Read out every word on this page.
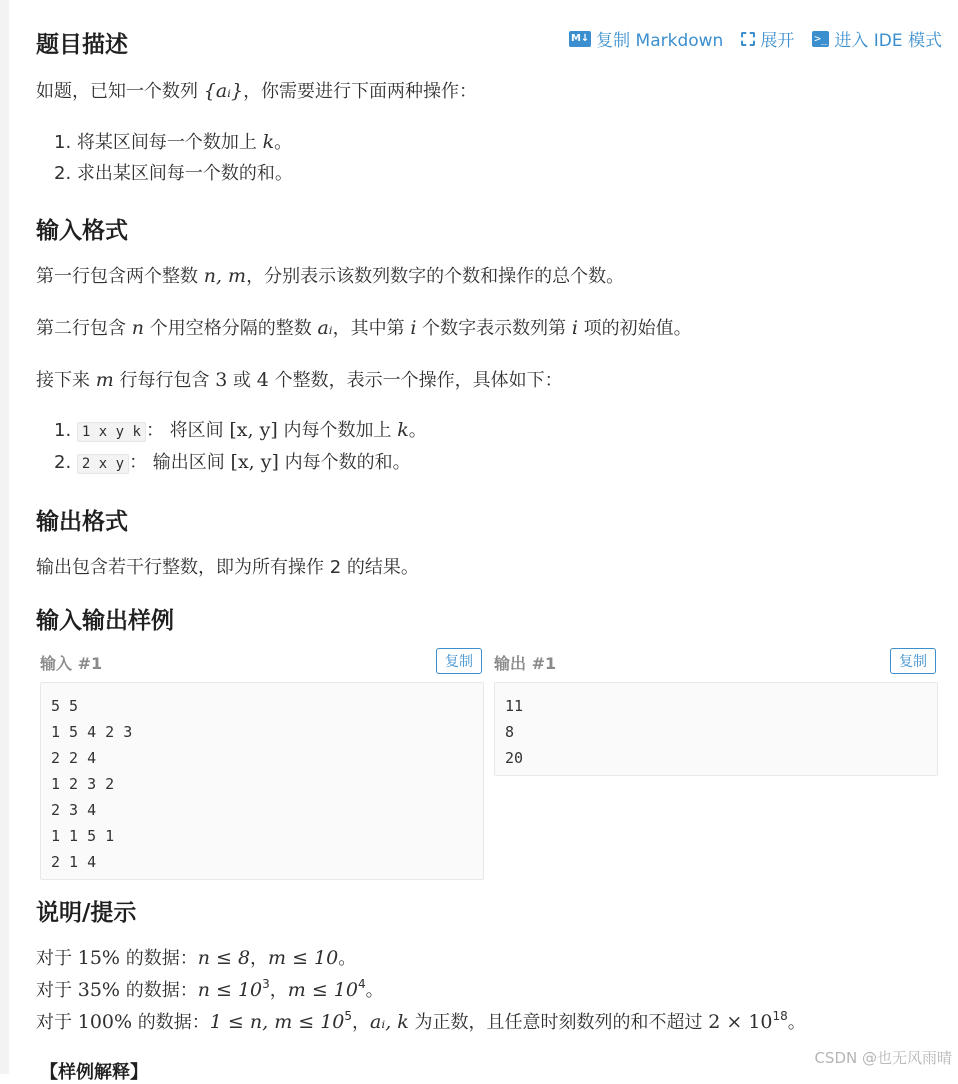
题目描述	M↓ 复制 Markdown 展开 >_ 进入 IDE 模式

如题，已知一个数列 {aᵢ}，你需要进行下面两种操作：

1. 将某区间每一个数加上 k。
2. 求出某区间每一个数的和。
输入格式

第一行包含两个整数 n, m，分别表示该数列数字的个数和操作的总个数。

第二行包含 n 个用空格分隔的整数 aᵢ，其中第 i 个数字表示数列第 i 项的初始值。

接下来 m 行每行包含 3 或 4 个整数，表示一个操作，具体如下：

1. 1 x y k ： 将区间 [x, y] 内每个数加上 k。
2. 2 x y ： 输出区间 [x, y] 内每个数的和。
输出格式

输出包含若干行整数，即为所有操作 2 的结果。

输入输出样例
输入 #1	复制
5 5
1 5 4 2 3
2 2 4
1 2 3 2
2 3 4
1 1 5 1
2 1 4
输出 #1	复制
11
8
20
说明/提示
对于 15% 的数据：n ≤ 8，m ≤ 10。
对于 35% 的数据：$n \le 10^3$，$m \le 10^4$。
对于 100% 的数据：1 ≤ n, $m \le 10^5$，aᵢ, k 为正数，且任意时刻数列的和不超过 $2 \times 10^{18}$。
【样例解释】
CSDN @也无风雨晴
